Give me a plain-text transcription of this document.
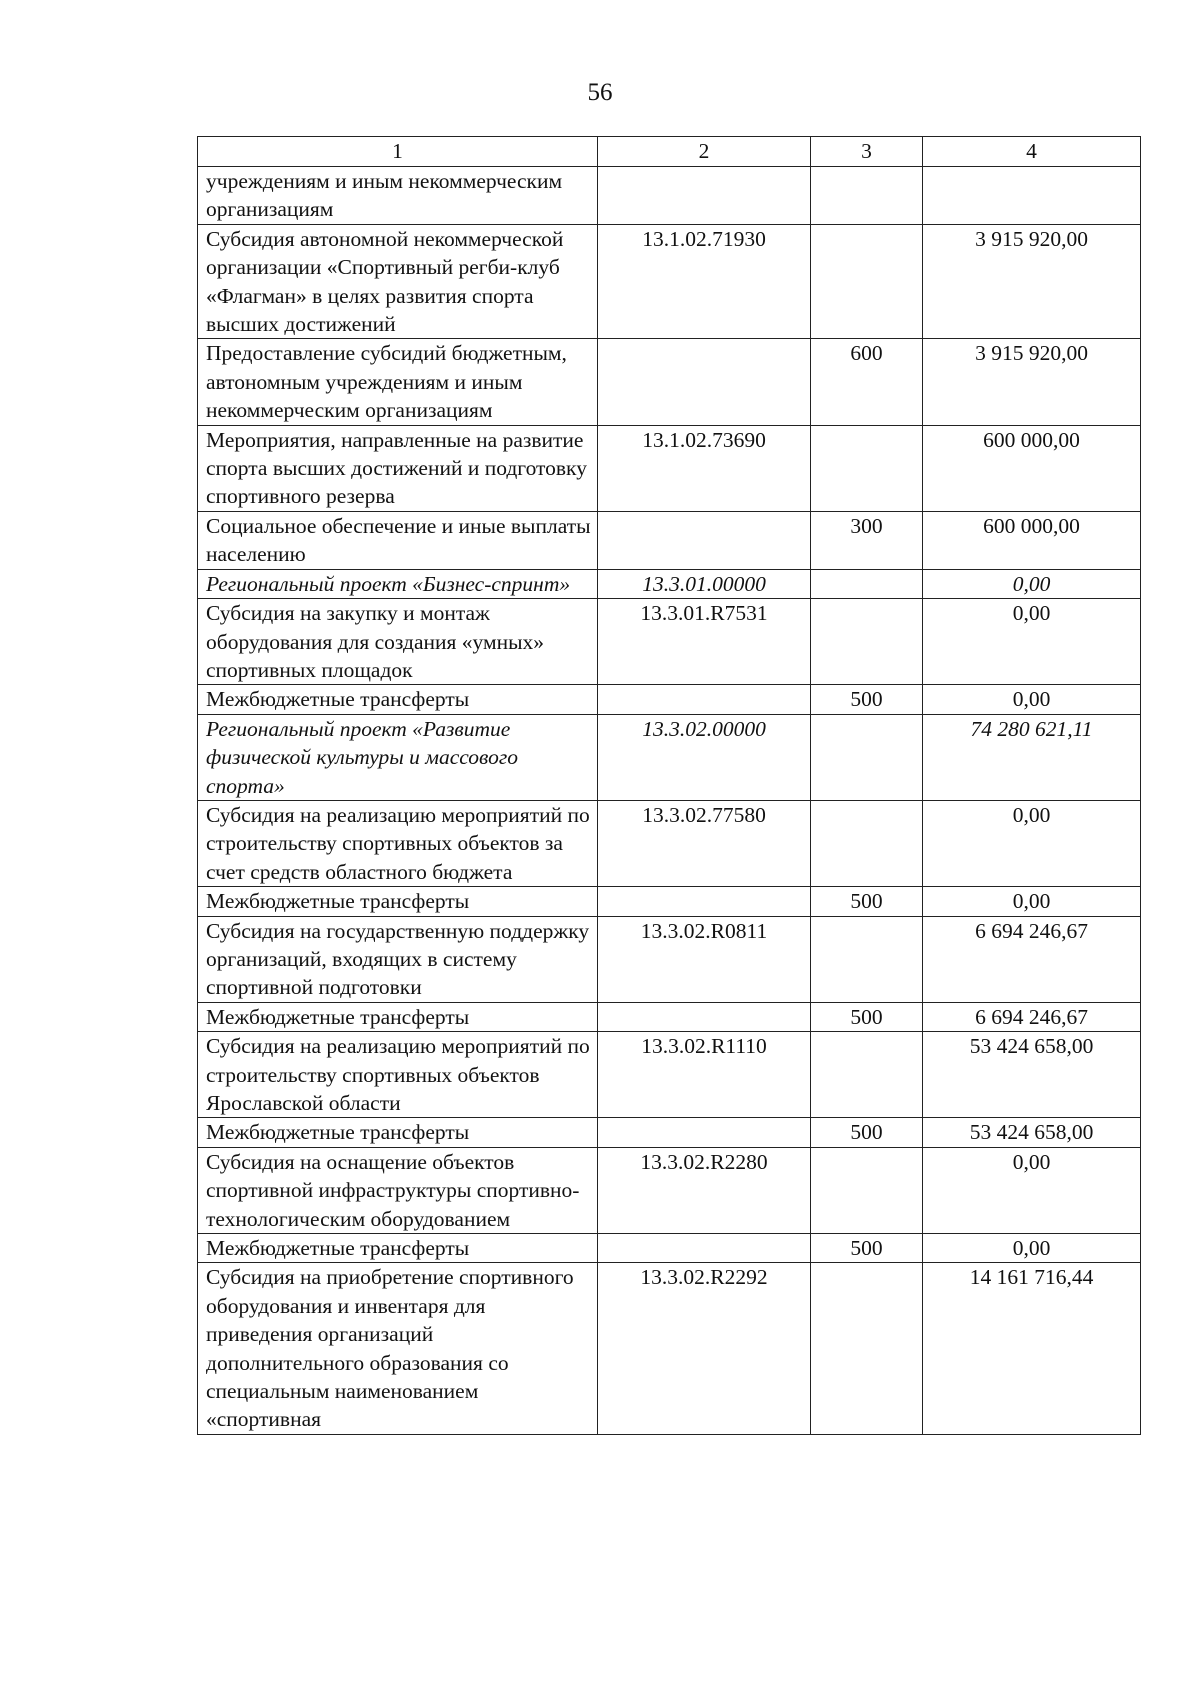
56
1	2	3	4
учреждениям и иным некоммерческим организациям			
Субсидия автономной некоммерческой организации «Спортивный регби-клуб «Флагман» в целях развития спорта высших достижений	13.1.02.71930		3 915 920,00
Предоставление субсидий бюджетным, автономным учреждениям и иным некоммерческим организациям		600	3 915 920,00
Мероприятия, направленные на развитие спорта высших достижений и подготовку спортивного резерва	13.1.02.73690		600 000,00
Социальное обеспечение и иные выплаты населению		300	600 000,00
Региональный проект «Бизнес-спринт»	13.3.01.00000		0,00
Субсидия на закупку и монтаж оборудования для создания «умных» спортивных площадок	13.3.01.R7531		0,00
Межбюджетные трансферты		500	0,00
Региональный проект «Развитие физической культуры и массового спорта»	13.3.02.00000		74 280 621,11
Субсидия на реализацию мероприятий по строительству спортивных объектов за счет средств областного бюджета	13.3.02.77580		0,00
Межбюджетные трансферты		500	0,00
Субсидия на государственную поддержку организаций, входящих в систему спортивной подготовки	13.3.02.R0811		6 694 246,67
Межбюджетные трансферты		500	6 694 246,67
Субсидия на реализацию мероприятий по строительству спортивных объектов Ярославской области	13.3.02.R1110		53 424 658,00
Межбюджетные трансферты		500	53 424 658,00
Субсидия на оснащение объектов спортивной инфраструктуры спортивно-технологическим оборудованием	13.3.02.R2280		0,00
Межбюджетные трансферты		500	0,00
Субсидия на приобретение спортивного оборудования и инвентаря для приведения организаций дополнительного образования со специальным наименованием «спортивная	13.3.02.R2292		14 161 716,44
